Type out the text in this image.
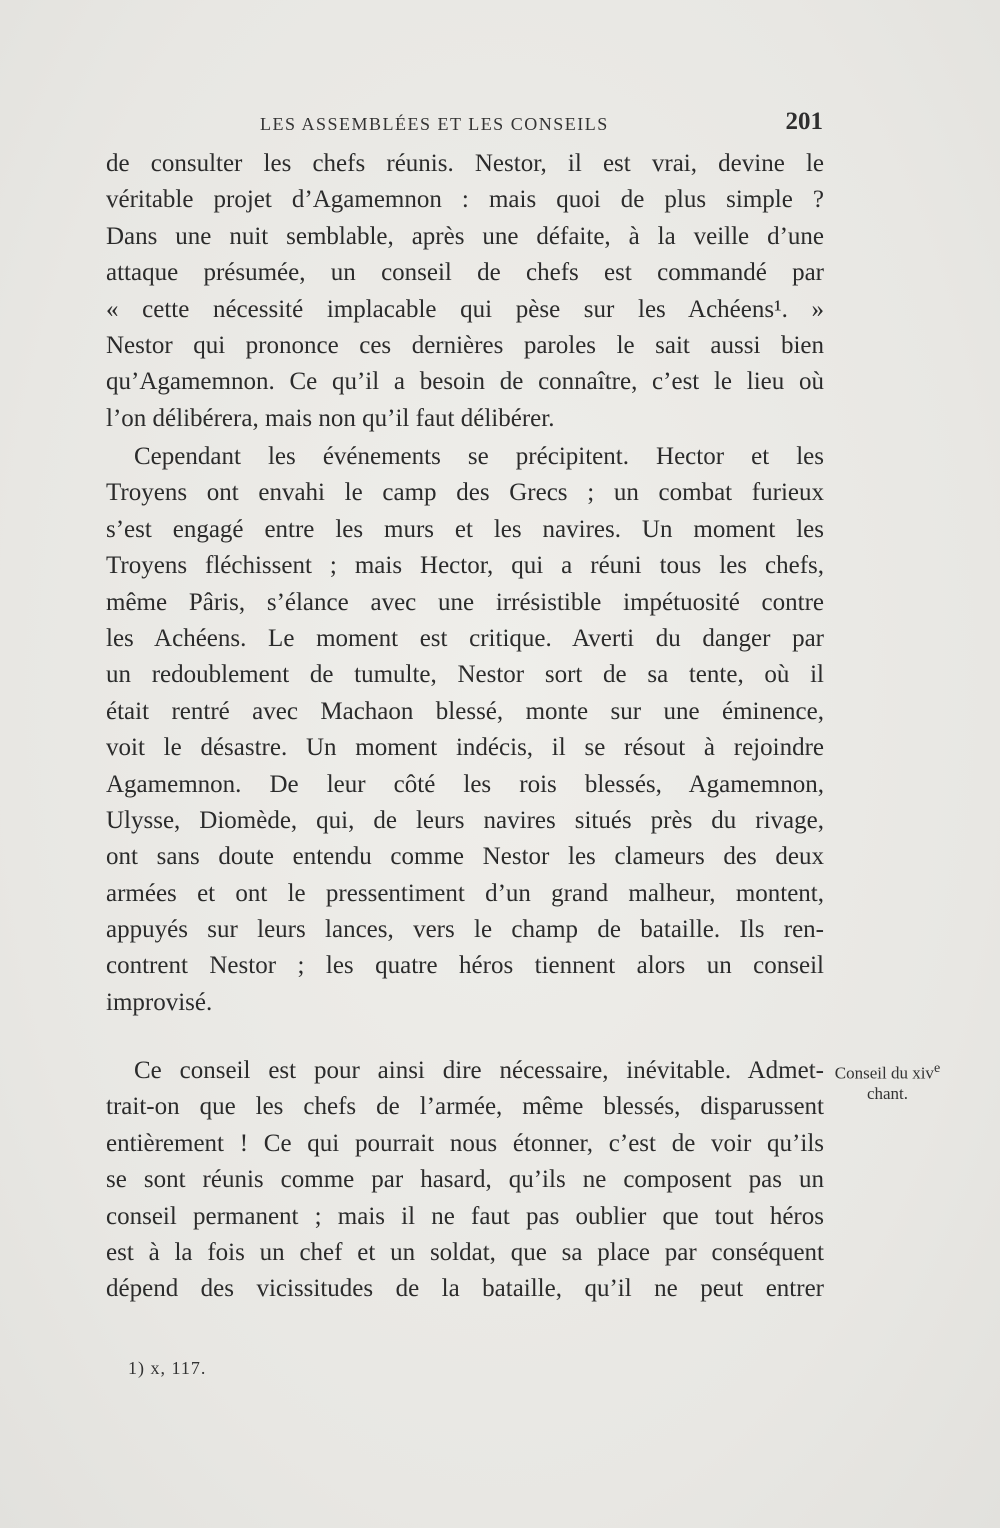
LES ASSEMBLÉES ET LES CONSEILS	201
de consulter les chefs réunis. Nestor, il est vrai, devine le
véritable projet d’Agamemnon : mais quoi de plus simple ?
Dans une nuit semblable, après une défaite, à la veille d’une
attaque présumée, un conseil de chefs est commandé par
« cette nécessité implacable qui pèse sur les Achéens¹. »
Nestor qui prononce ces dernières paroles le sait aussi bien
qu’Agamemnon. Ce qu’il a besoin de connaître, c’est le lieu où
l’on délibérera, mais non qu’il faut délibérer.
Cependant les événements se précipitent. Hector et les
Troyens ont envahi le camp des Grecs ; un combat furieux
s’est engagé entre les murs et les navires. Un moment les
Troyens fléchissent ; mais Hector, qui a réuni tous les chefs,
même Pâris, s’élance avec une irrésistible impétuosité contre
les Achéens. Le moment est critique. Averti du danger par
un redoublement de tumulte, Nestor sort de sa tente, où il
était rentré avec Machaon blessé, monte sur une éminence,
voit le désastre. Un moment indécis, il se résout à rejoindre
Agamemnon. De leur côté les rois blessés, Agamemnon,
Ulysse, Diomède, qui, de leurs navires situés près du rivage,
ont sans doute entendu comme Nestor les clameurs des deux
armées et ont le pressentiment d’un grand malheur, montent,
appuyés sur leurs lances, vers le champ de bataille. Ils ren-
contrent Nestor ; les quatre héros tiennent alors un conseil
improvisé.
Ce conseil est pour ainsi dire nécessaire, inévitable. Admet-
trait-on que les chefs de l’armée, même blessés, disparussent
entièrement ! Ce qui pourrait nous étonner, c’est de voir qu’ils
se sont réunis comme par hasard, qu’ils ne composent pas un
conseil permanent ; mais il ne faut pas oublier que tout héros
est à la fois un chef et un soldat, que sa place par conséquent
dépend des vicissitudes de la bataille, qu’il ne peut entrer
Conseil du xiv$^e$
chant.
1) x, 117.
